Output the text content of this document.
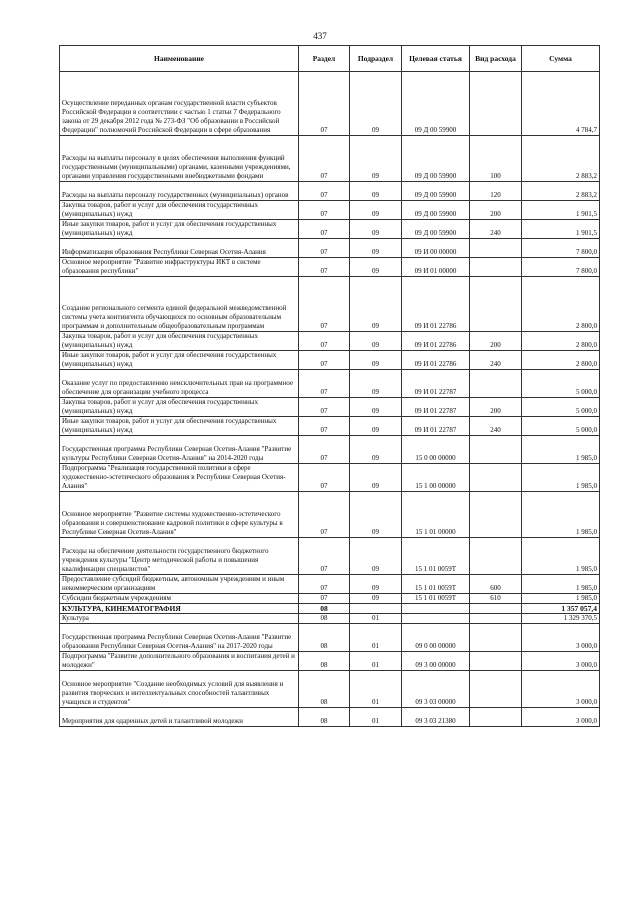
437
Наименование	Раздел	Подраздел	Целевая статья	Вид расхода	Сумма
Осуществление переданных органам государственной власти субъектов Российской Федерации в соответствии с частью 1 статьи 7 Федерального закона от 29 декабря 2012 года № 273-ФЗ "Об образовании в Российской Федерации" полномочий Российской Федерации в сфере образования	07	09	09 Д 00 59900		4 784,7
Расходы на выплаты персоналу в целях обеспечения выполнения функций государственными (муниципальными) органами, казенными учреждениями, органами управления государственными внебюджетными фондами	07	09	09 Д 00 59900	100	2 883,2
Расходы на выплаты персоналу государственных (муниципальных) органов	07	09	09 Д 00 59900	120	2 883,2
Закупка товаров, работ и услуг для обеспечения государственных (муниципальных) нужд	07	09	09 Д 00 59900	200	1 901,5
Иные закупки товаров, работ и услуг для обеспечения государственных (муниципальных) нужд	07	09	09 Д 00 59900	240	1 901,5
Информатизация образования Республики Северная Осетия-Алания	07	09	09 И 00 00000		7 800,0
Основное мероприятие "Развитие инфраструктуры ИКТ в системе образования республики"	07	09	09 И 01 00000		7 800,0
Создание регионального сегмента единой федеральной межведомственной системы учета контингента обучающихся по основным образовательным программам и дополнительным общеобразовательным программам	07	09	09 И 01 22786		2 800,0
Закупка товаров, работ и услуг для обеспечения государственных (муниципальных) нужд	07	09	09 И 01 22786	200	2 800,0
Иные закупки товаров, работ и услуг для обеспечения государственных (муниципальных) нужд	07	09	09 И 01 22786	240	2 800,0
Оказание услуг по предоставлению неисключительных прав на программное обеспечение для организации учебного процесса	07	09	09 И 01 22787		5 000,0
Закупка товаров, работ и услуг для обеспечения государственных (муниципальных) нужд	07	09	09 И 01 22787	200	5 000,0
Иные закупки товаров, работ и услуг для обеспечения государственных (муниципальных) нужд	07	09	09 И 01 22787	240	5 000,0
Государственная программа Республики Северная Осетия-Алания "Развитие культуры Республики Северная Осетия-Алания" на 2014-2020 годы	07	09	15 0 00 00000		1 985,0
Подпрограмма "Реализация государственной политики в сфере художественно-эстетического образования в Республике Северная Осетия-Алания"	07	09	15 1 00 00000		1 985,0
Основное мероприятие "Развитие системы художественно-эстетического образования и совершенствование кадровой политики в сфере культуры в Республике Северная Осетия-Алания"	07	09	15 1 01 00000		1 985,0
Расходы на обеспечение деятельности государственного бюджетного учреждения культуры "Центр методической работы и повышения квалификации специалистов"	07	09	15 1 01 0059Т		1 985,0
Предоставление субсидий бюджетным, автономным учреждениям и иным некоммерческим организациям	07	09	15 1 01 0059Т	600	1 985,0
Субсидии бюджетным учреждениям	07	09	15 1 01 0059Т	610	1 985,0
КУЛЬТУРА, КИНЕМАТОГРАФИЯ	08				1 357 057,4
Культура	08	01			1 329 370,5
Государственная программа Республики Северная Осетия-Алания "Развитие образования Республики Северная Осетия-Алания" на 2017-2020 годы	08	01	09 0 00 00000		3 000,0
Подпрограмма "Развитие дополнительного образования и воспитания детей и молодежи"	08	01	09 3 00 00000		3 000,0
Основное мероприятие "Создание необходимых условий для выявления и развития творческих и интеллектуальных способностей талантливых учащихся и студентов"	08	01	09 3 03 00000		3 000,0
Мероприятия для одаренных детей и талантливой молодежи	08	01	09 3 03 21380		3 000,0
